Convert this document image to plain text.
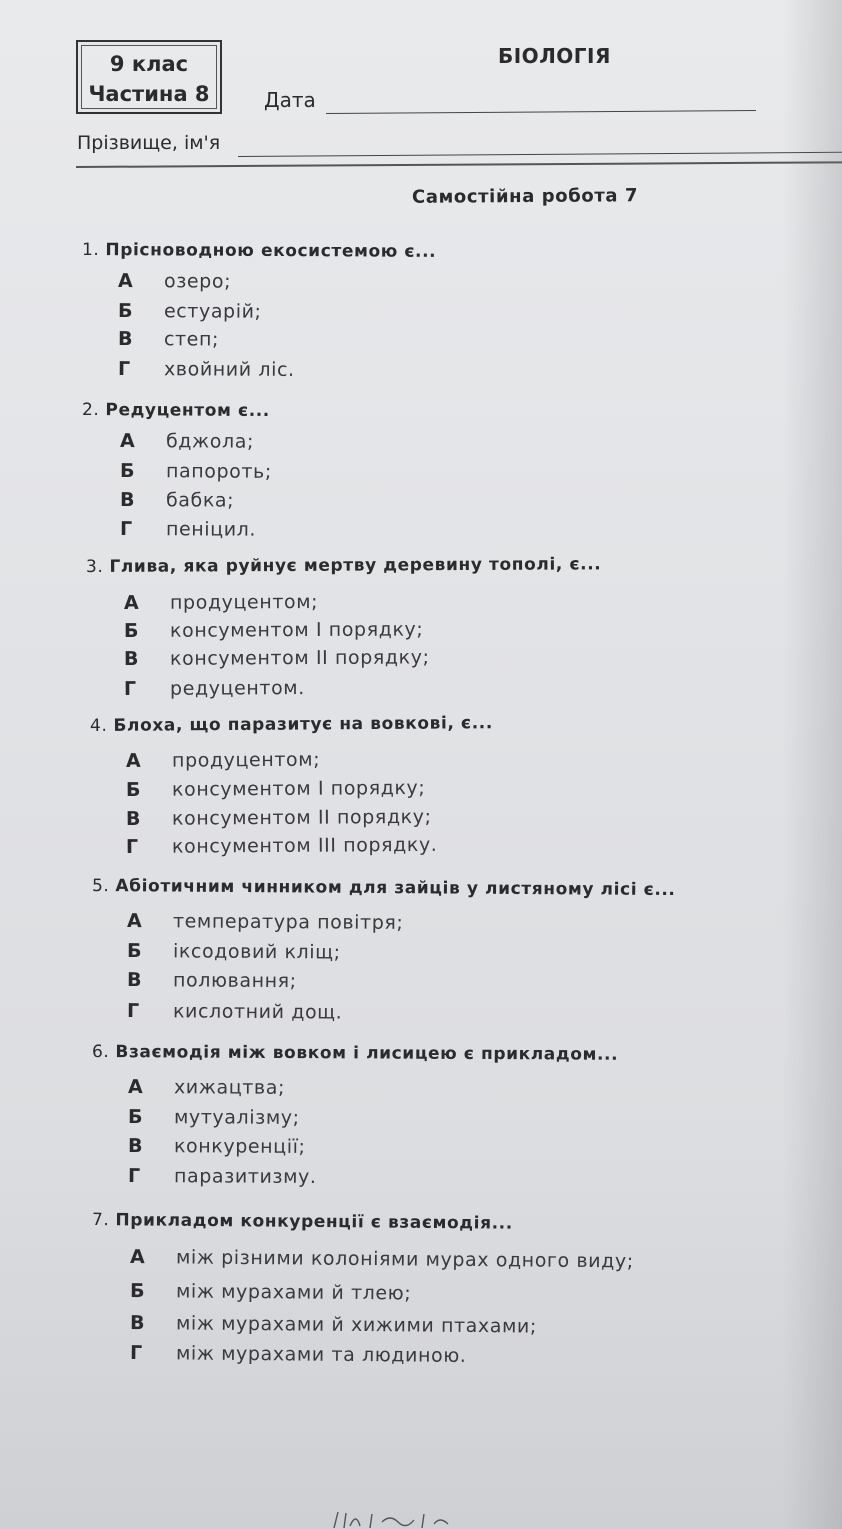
9 клас
Частина 8
БІОЛОГІЯ
Дата
Прізвище, ім'я
Самостійна робота 7
1. Прісноводною екосистемою є...
А озеро;
Б естуарій;
В степ;
Г хвойний ліс.
2. Редуцентом є...
А бджола;
Б папороть;
В бабка;
Г пеніцил.
3. Глива, яка руйнує мертву деревину тополі, є...
А продуцентом;
Б консументом І порядку;
В консументом ІІ порядку;
Г редуцентом.
4. Блоха, що паразитує на вовкові, є...
А продуцентом;
Б консументом І порядку;
В консументом ІІ порядку;
Г консументом ІІІ порядку.
5. Абіотичним чинником для зайців у листяному лісі є...
А температура повітря;
Б іксодовий кліщ;
В полювання;
Г кислотний дощ.
6. Взаємодія між вовком і лисицею є прикладом...
А хижацтва;
Б мутуалізму;
В конкуренції;
Г паразитизму.
7. Прикладом конкуренції є взаємодія...
А між різними колоніями мурах одного виду;
Б між мурахами й тлею;
В між мурахами й хижими птахами;
Г між мурахами та людиною.
